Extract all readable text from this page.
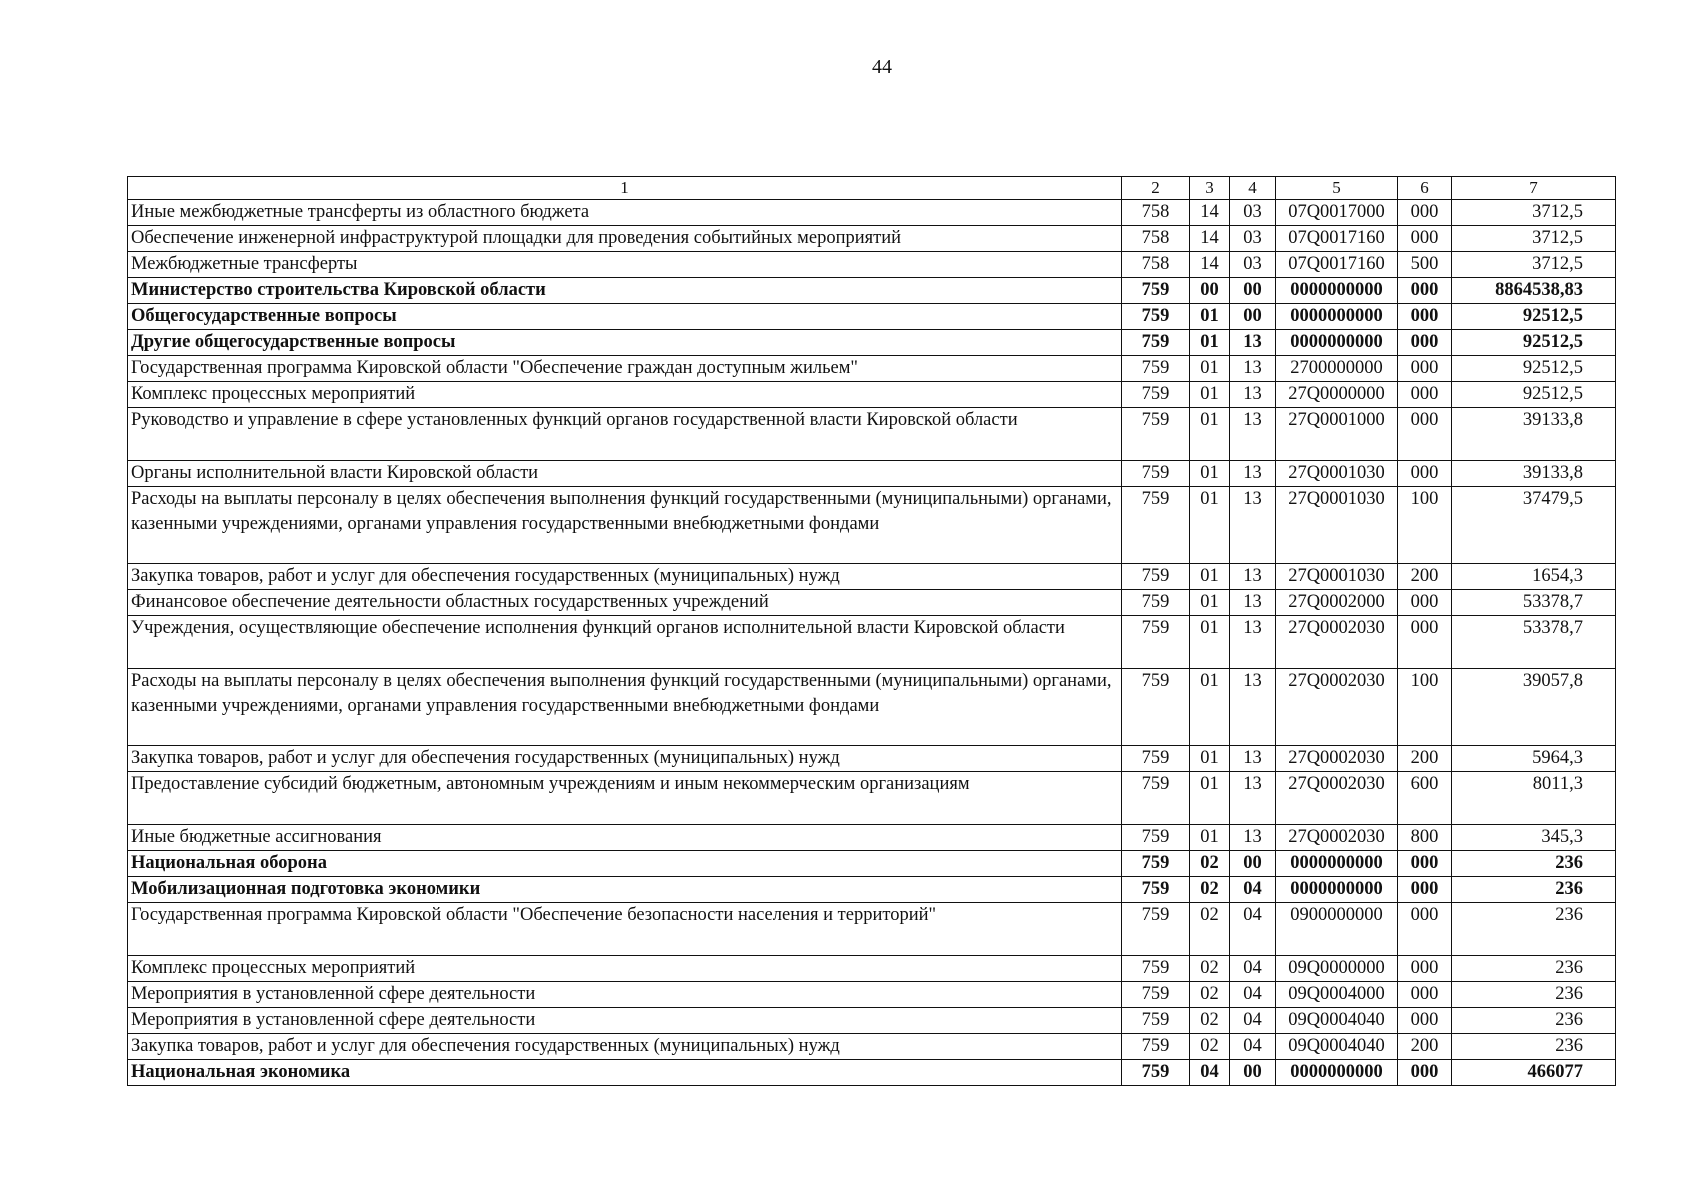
44
1	2	3	4	5	6	7
Иные межбюджетные трансферты из областного бюджета	758	14	03	07Q0017000	000	3712,5
Обеспечение инженерной инфраструктурой площадки для проведения событийных мероприятий	758	14	03	07Q0017160	000	3712,5
Межбюджетные трансферты	758	14	03	07Q0017160	500	3712,5
Министерство строительства Кировской области	759	00	00	0000000000	000	8864538,83
Общегосударственные вопросы	759	01	00	0000000000	000	92512,5
Другие общегосударственные вопросы	759	01	13	0000000000	000	92512,5
Государственная программа Кировской области "Обеспечение граждан доступным жильем"	759	01	13	2700000000	000	92512,5
Комплекс процессных мероприятий	759	01	13	27Q0000000	000	92512,5
Руководство и управление в сфере установленных функций органов государственной власти Кировской области	759	01	13	27Q0001000	000	39133,8
Органы исполнительной власти Кировской области	759	01	13	27Q0001030	000	39133,8
Расходы на выплаты персоналу в целях обеспечения выполнения функций государственными (муниципальными) органами, казенными учреждениями, органами управления государственными внебюджетными фондами	759	01	13	27Q0001030	100	37479,5
Закупка товаров, работ и услуг для обеспечения государственных (муниципальных) нужд	759	01	13	27Q0001030	200	1654,3
Финансовое обеспечение деятельности областных государственных учреждений	759	01	13	27Q0002000	000	53378,7
Учреждения, осуществляющие обеспечение исполнения функций органов исполнительной власти Кировской области	759	01	13	27Q0002030	000	53378,7
Расходы на выплаты персоналу в целях обеспечения выполнения функций государственными (муниципальными) органами, казенными учреждениями, органами управления государственными внебюджетными фондами	759	01	13	27Q0002030	100	39057,8
Закупка товаров, работ и услуг для обеспечения государственных (муниципальных) нужд	759	01	13	27Q0002030	200	5964,3
Предоставление субсидий бюджетным, автономным учреждениям и иным некоммерческим организациям	759	01	13	27Q0002030	600	8011,3
Иные бюджетные ассигнования	759	01	13	27Q0002030	800	345,3
Национальная оборона	759	02	00	0000000000	000	236
Мобилизационная подготовка экономики	759	02	04	0000000000	000	236
Государственная программа Кировской области "Обеспечение безопасности населения и территорий"	759	02	04	0900000000	000	236
Комплекс процессных мероприятий	759	02	04	09Q0000000	000	236
Мероприятия в установленной сфере деятельности	759	02	04	09Q0004000	000	236
Мероприятия в установленной сфере деятельности	759	02	04	09Q0004040	000	236
Закупка товаров, работ и услуг для обеспечения государственных (муниципальных) нужд	759	02	04	09Q0004040	200	236
Национальная экономика	759	04	00	0000000000	000	466077
